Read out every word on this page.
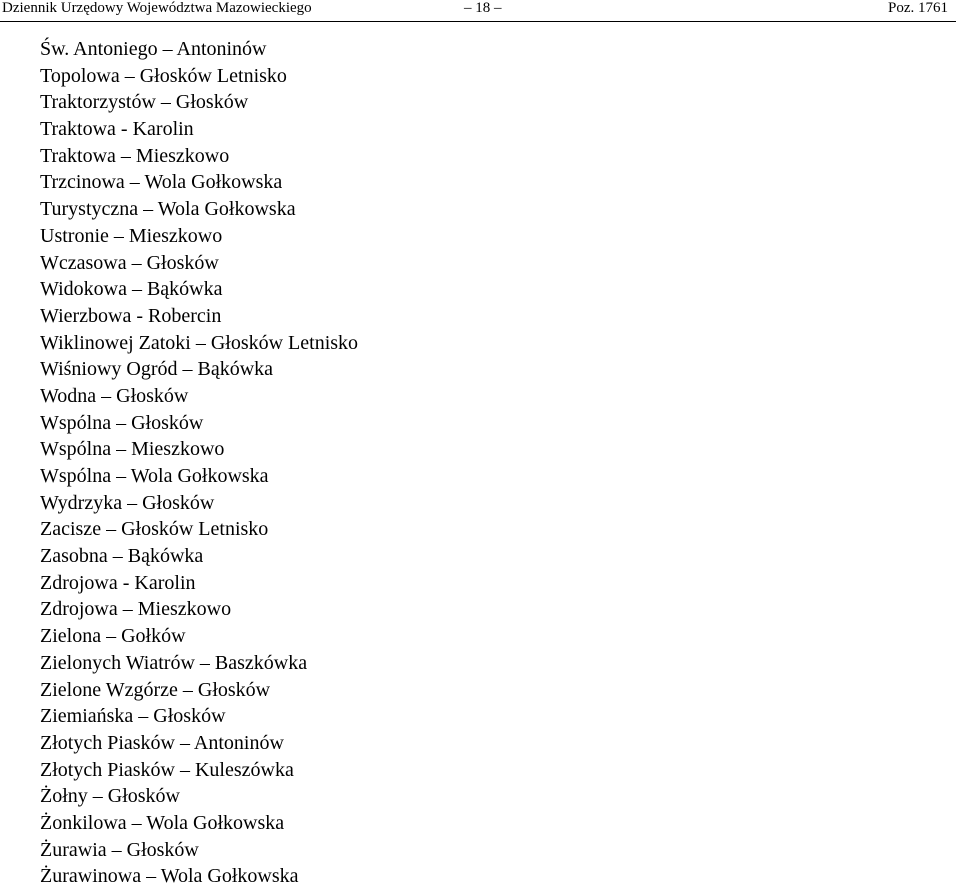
Dziennik Urzędowy Województwa Mazowieckiego	– 18 –	Poz. 1761
Św. Antoniego – Antoninów
Topolowa – Głosków Letnisko
Traktorzystów – Głosków
Traktowa - Karolin
Traktowa – Mieszkowo
Trzcinowa – Wola Gołkowska
Turystyczna – Wola Gołkowska
Ustronie – Mieszkowo
Wczasowa – Głosków
Widokowa – Bąkówka
Wierzbowa - Robercin
Wiklinowej Zatoki – Głosków Letnisko
Wiśniowy Ogród – Bąkówka
Wodna – Głosków
Wspólna – Głosków
Wspólna – Mieszkowo
Wspólna – Wola Gołkowska
Wydrzyka – Głosków
Zacisze – Głosków Letnisko
Zasobna – Bąkówka
Zdrojowa - Karolin
Zdrojowa – Mieszkowo
Zielona – Gołków
Zielonych Wiatrów – Baszkówka
Zielone Wzgórze – Głosków
Ziemiańska – Głosków
Złotych Piasków – Antoninów
Złotych Piasków – Kuleszówka
Żołny – Głosków
Żonkilowa – Wola Gołkowska
Żurawia – Głosków
Żurawinowa – Wola Gołkowska
